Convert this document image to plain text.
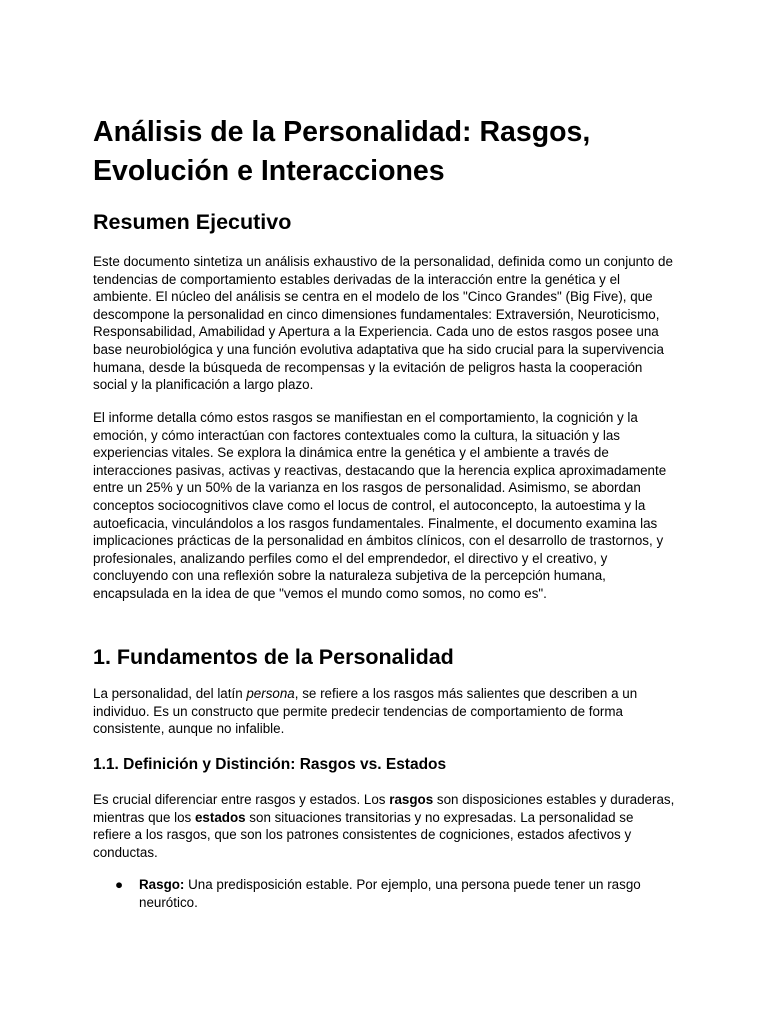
Análisis de la Personalidad: Rasgos, Evolución e Interacciones
Resumen Ejecutivo

Este documento sintetiza un análisis exhaustivo de la personalidad, definida como un conjunto de tendencias de comportamiento estables derivadas de la interacción entre la genética y el ambiente. El núcleo del análisis se centra en el modelo de los "Cinco Grandes" (Big Five), que descompone la personalidad en cinco dimensiones fundamentales: Extraversión, Neuroticismo, Responsabilidad, Amabilidad y Apertura a la Experiencia. Cada uno de estos rasgos posee una base neurobiológica y una función evolutiva adaptativa que ha sido crucial para la supervivencia humana, desde la búsqueda de recompensas y la evitación de peligros hasta la cooperación social y la planificación a largo plazo.

El informe detalla cómo estos rasgos se manifiestan en el comportamiento, la cognición y la emoción, y cómo interactúan con factores contextuales como la cultura, la situación y las experiencias vitales. Se explora la dinámica entre la genética y el ambiente a través de interacciones pasivas, activas y reactivas, destacando que la herencia explica aproximadamente entre un 25% y un 50% de la varianza en los rasgos de personalidad. Asimismo, se abordan conceptos sociocognitivos clave como el locus de control, el autoconcepto, la autoestima y la autoeficacia, vinculándolos a los rasgos fundamentales. Finalmente, el documento examina las implicaciones prácticas de la personalidad en ámbitos clínicos, con el desarrollo de trastornos, y profesionales, analizando perfiles como el del emprendedor, el directivo y el creativo, y concluyendo con una reflexión sobre la naturaleza subjetiva de la percepción humana, encapsulada en la idea de que "vemos el mundo como somos, no como es".

1. Fundamentos de la Personalidad

La personalidad, del latín persona, se refiere a los rasgos más salientes que describen a un individuo. Es un constructo que permite predecir tendencias de comportamiento de forma consistente, aunque no infalible.

1.1. Definición y Distinción: Rasgos vs. Estados

Es crucial diferenciar entre rasgos y estados. Los rasgos son disposiciones estables y duraderas, mientras que los estados son situaciones transitorias y no expresadas. La personalidad se refiere a los rasgos, que son los patrones consistentes de cogniciones, estados afectivos y conductas.

● Rasgo: Una predisposición estable. Por ejemplo, una persona puede tener un rasgo neurótico.
